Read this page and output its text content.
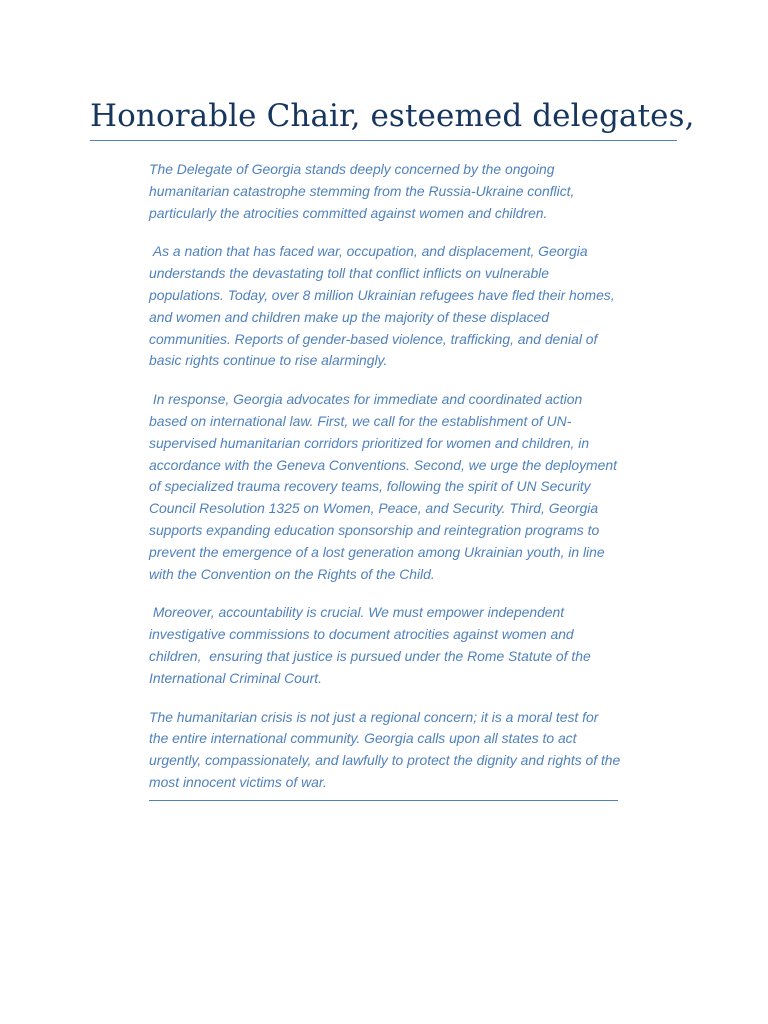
Honorable Chair, esteemed delegates,

The Delegate of Georgia stands deeply concerned by the ongoing humanitarian catastrophe stemming from the Russia-Ukraine conflict, particularly the atrocities committed against women and children.

As a nation that has faced war, occupation, and displacement, Georgia understands the devastating toll that conflict inflicts on vulnerable populations. Today, over 8 million Ukrainian refugees have fled their homes, and women and children make up the majority of these displaced communities. Reports of gender-based violence, trafficking, and denial of basic rights continue to rise alarmingly.

In response, Georgia advocates for immediate and coordinated action based on international law. First, we call for the establishment of UN-supervised humanitarian corridors prioritized for women and children, in accordance with the Geneva Conventions. Second, we urge the deployment of specialized trauma recovery teams, following the spirit of UN Security Council Resolution 1325 on Women, Peace, and Security. Third, Georgia supports expanding education sponsorship and reintegration programs to prevent the emergence of a lost generation among Ukrainian youth, in line with the Convention on the Rights of the Child.

Moreover, accountability is crucial. We must empower independent investigative commissions to document atrocities against women and children,  ensuring that justice is pursued under the Rome Statute of the International Criminal Court.

The humanitarian crisis is not just a regional concern; it is a moral test for the entire international community. Georgia calls upon all states to act urgently, compassionately, and lawfully to protect the dignity and rights of the most innocent victims of war.
